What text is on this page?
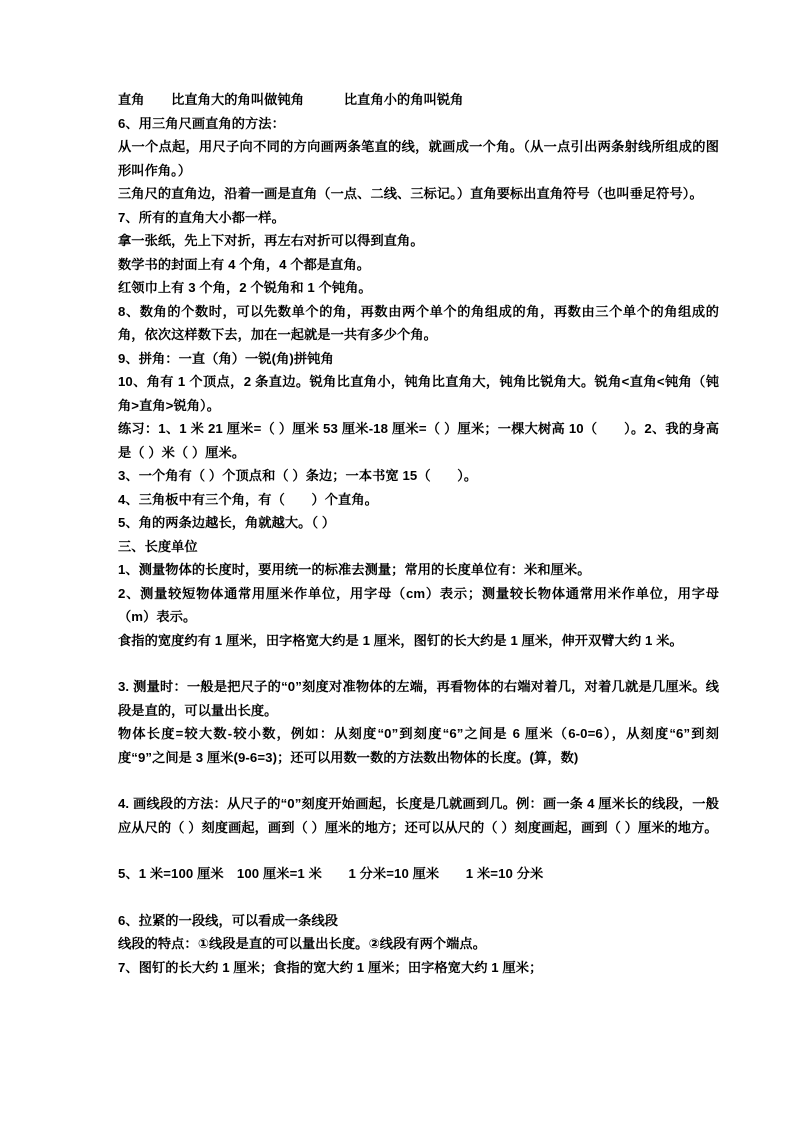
直角　　比直角大的角叫做钝角　　　比直角小的角叫锐角

6、用三角尺画直角的方法：

从一个点起，用尺子向不同的方向画两条笔直的线，就画成一个角。（从一点引出两条射线所组成的图形叫作角。）

三角尺的直角边，沿着一画是直角（一点、二线、三标记。）直角要标出直角符号（也叫垂足符号）。

7、所有的直角大小都一样。

拿一张纸，先上下对折，再左右对折可以得到直角。

数学书的封面上有 4 个角，4 个都是直角。

红领巾上有 3 个角，2 个锐角和 1 个钝角。

8、数角的个数时，可以先数单个的角，再数由两个单个的角组成的角，再数由三个单个的角组成的角，依次这样数下去，加在一起就是一共有多少个角。

9、拼角：一直（角）一锐(角)拼钝角

10、角有 1 个顶点，2 条直边。锐角比直角小，钝角比直角大，钝角比锐角大。锐角<直角<钝角（钝角>直角>锐角）。

练习：1、1 米 21 厘米=（ ）厘米 53 厘米-18 厘米=（ ）厘米；一棵大树高 10（　　）。2、我的身高是（ ）米（ ）厘米。

3、一个角有（ ）个顶点和（ ）条边；一本书宽 15（　　）。

4、三角板中有三个角，有（　　）个直角。

5、角的两条边越长，角就越大。（ ）

三、长度单位

1、测量物体的长度时，要用统一的标准去测量；常用的长度单位有：米和厘米。

2、测量较短物体通常用厘米作单位，用字母（cm）表示；测量较长物体通常用米作单位，用字母（m）表示。

食指的宽度约有 1 厘米，田字格宽大约是 1 厘米，图钉的长大约是 1 厘米，伸开双臂大约 1 米。

3. 测量时：一般是把尺子的“0”刻度对准物体的左端，再看物体的右端对着几，对着几就是几厘米。线段是直的，可以量出长度。

物体长度=较大数-较小数，例如：从刻度“0”到刻度“6”之间是 6 厘米（6-0=6），从刻度“6”到刻度“9”之间是 3 厘米(9-6=3)；还可以用数一数的方法数出物体的长度。(算，数)

4. 画线段的方法：从尺子的“0”刻度开始画起，长度是几就画到几。例：画一条 4 厘米长的线段，一般应从尺的（ ）刻度画起，画到（ ）厘米的地方；还可以从尺的（ ）刻度画起，画到（ ）厘米的地方。

5、1 米=100 厘米　100 厘米=1 米　　1 分米=10 厘米　　1 米=10 分米

6、拉紧的一段线，可以看成一条线段

线段的特点：①线段是直的可以量出长度。②线段有两个端点。

7、图钉的长大约 1 厘米；食指的宽大约 1 厘米；田字格宽大约 1 厘米；
